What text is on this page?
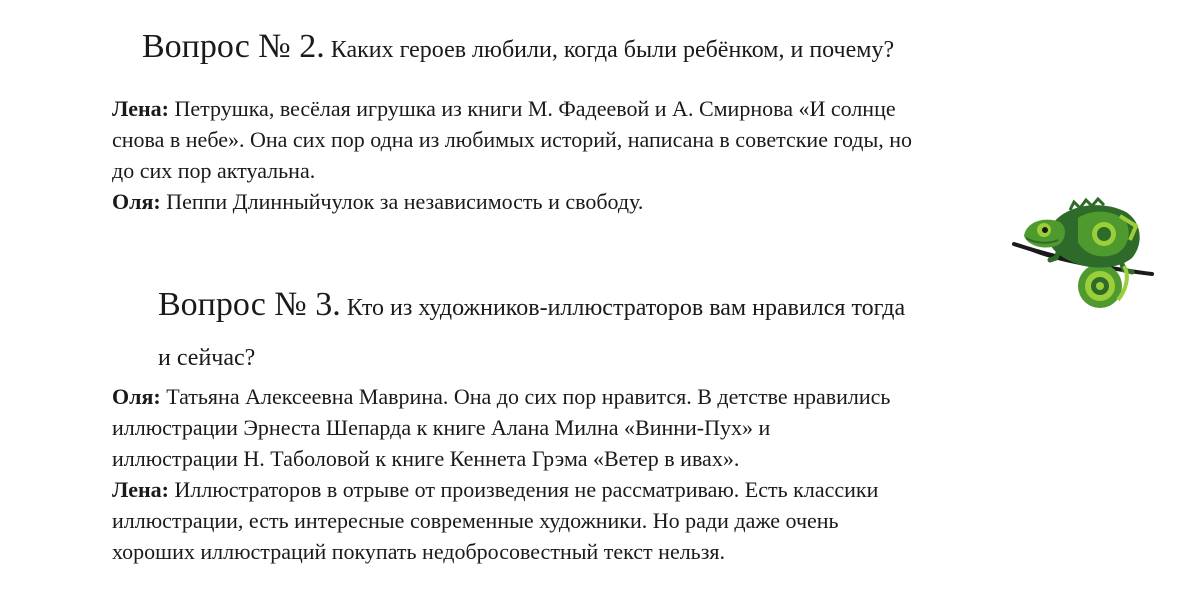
Вопрос № 2. Каких героев любили, когда были ребёнком, и почему?
Лена: Петрушка, весёлая игрушка из книги М. Фадеевой и А. Смирнова «И солнце
снова в небе». Она сих пор одна из любимых историй, написана в советские годы, но
до сих пор актуальна.
Оля: Пеппи Длинныйчулок за независимость и свободу.
Вопрос № 3. Кто из художников-иллюстраторов вам нравился тогда
и сейчас?
Оля: Татьяна Алексеевна Маврина. Она до сих пор нравится. В детстве нравились
иллюстрации Эрнеста Шепарда к книге Алана Милна «Винни-Пух» и
иллюстрации Н. Таболовой к книге Кеннета Грэма «Ветер в ивах».
Лена: Иллюстраторов в отрыве от произведения не рассматриваю. Есть классики
иллюстрации, есть интересные современные художники. Но ради даже очень
хороших иллюстраций покупать недобросовестный текст нельзя.
